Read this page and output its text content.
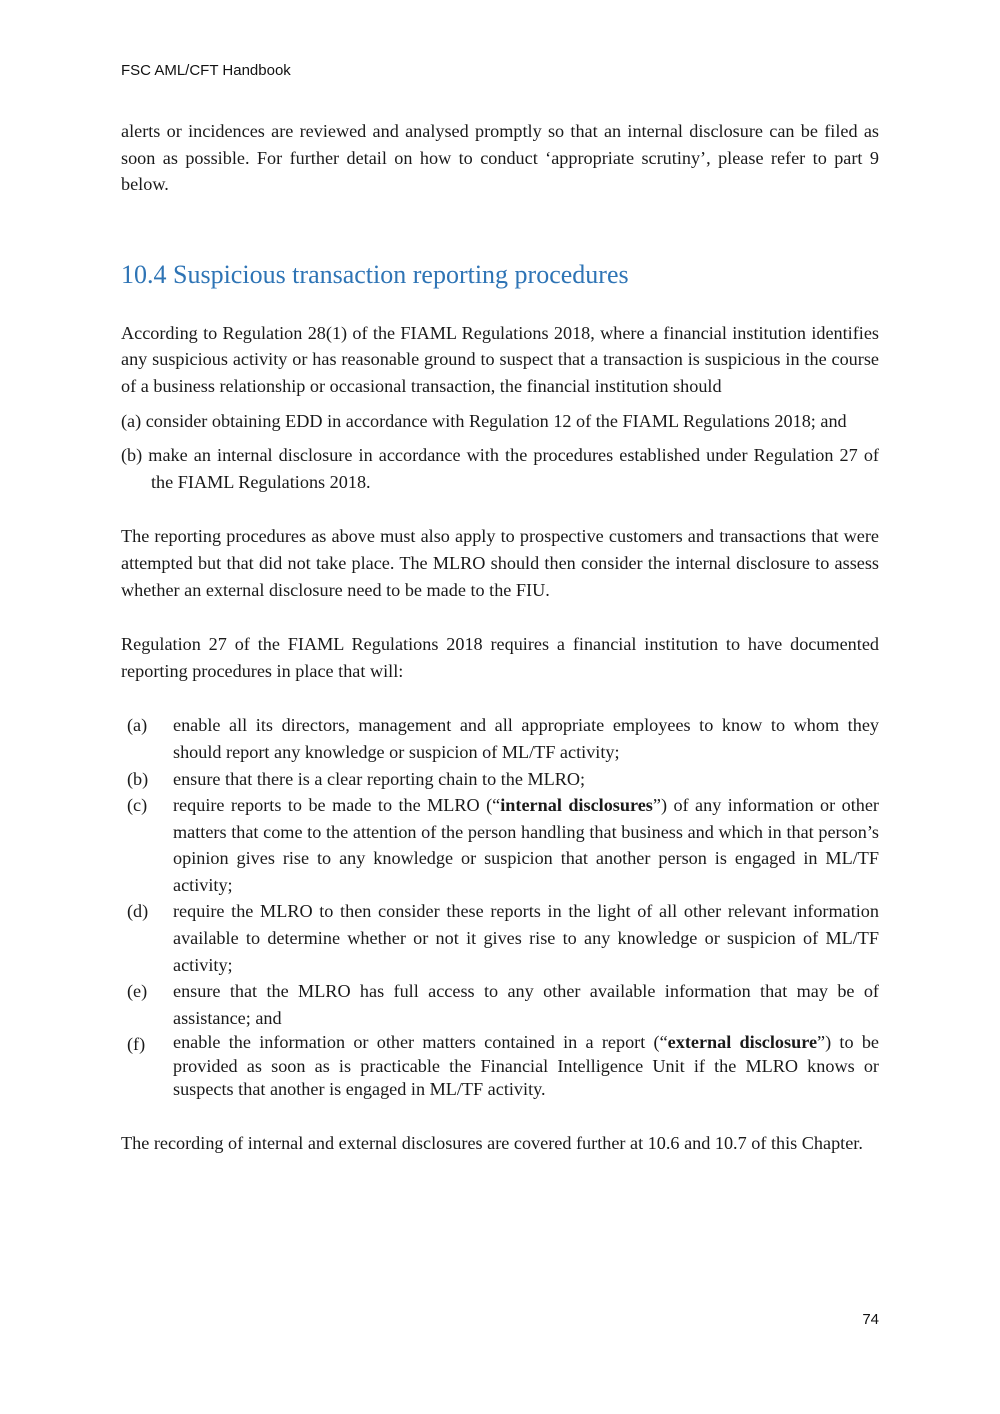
FSC AML/CFT Handbook

alerts or incidences are reviewed and analysed promptly so that an internal disclosure can be filed as soon as possible. For further detail on how to conduct ‘appropriate scrutiny’, please refer to part 9 below.

10.4 Suspicious transaction reporting procedures

According to Regulation 28(1) of the FIAML Regulations 2018, where a financial institution identifies any suspicious activity or has reasonable ground to suspect that a transaction is suspicious in the course of a business relationship or occasional transaction, the financial institution should

(a) consider obtaining EDD in accordance with Regulation 12 of the FIAML Regulations 2018; and
(b) make an internal disclosure in accordance with the procedures established under Regulation 27 of the FIAML Regulations 2018.

The reporting procedures as above must also apply to prospective customers and transactions that were attempted but that did not take place. The MLRO should then consider the internal disclosure to assess whether an external disclosure need to be made to the FIU.

Regulation 27 of the FIAML Regulations 2018 requires a financial institution to have documented reporting procedures in place that will:

(a)	enable all its directors, management and all appropriate employees to know to whom they should report any knowledge or suspicion of ML/TF activity;
(b)	ensure that there is a clear reporting chain to the MLRO;
(c)	require reports to be made to the MLRO (“internal disclosures”) of any information or other matters that come to the attention of the person handling that business and which in that person’s opinion gives rise to any knowledge or suspicion that another person is engaged in ML/TF activity;
(d)	require the MLRO to then consider these reports in the light of all other relevant information available to determine whether or not it gives rise to any knowledge or suspicion of ML/TF activity;
(e)	ensure that the MLRO has full access to any other available information that may be of assistance; and
(f)	enable the information or other matters contained in a report (“external disclosure”) to be provided as soon as is practicable the Financial Intelligence Unit if the MLRO knows or suspects that another is engaged in ML/TF activity.

The recording of internal and external disclosures are covered further at 10.6 and 10.7 of this Chapter.

74
